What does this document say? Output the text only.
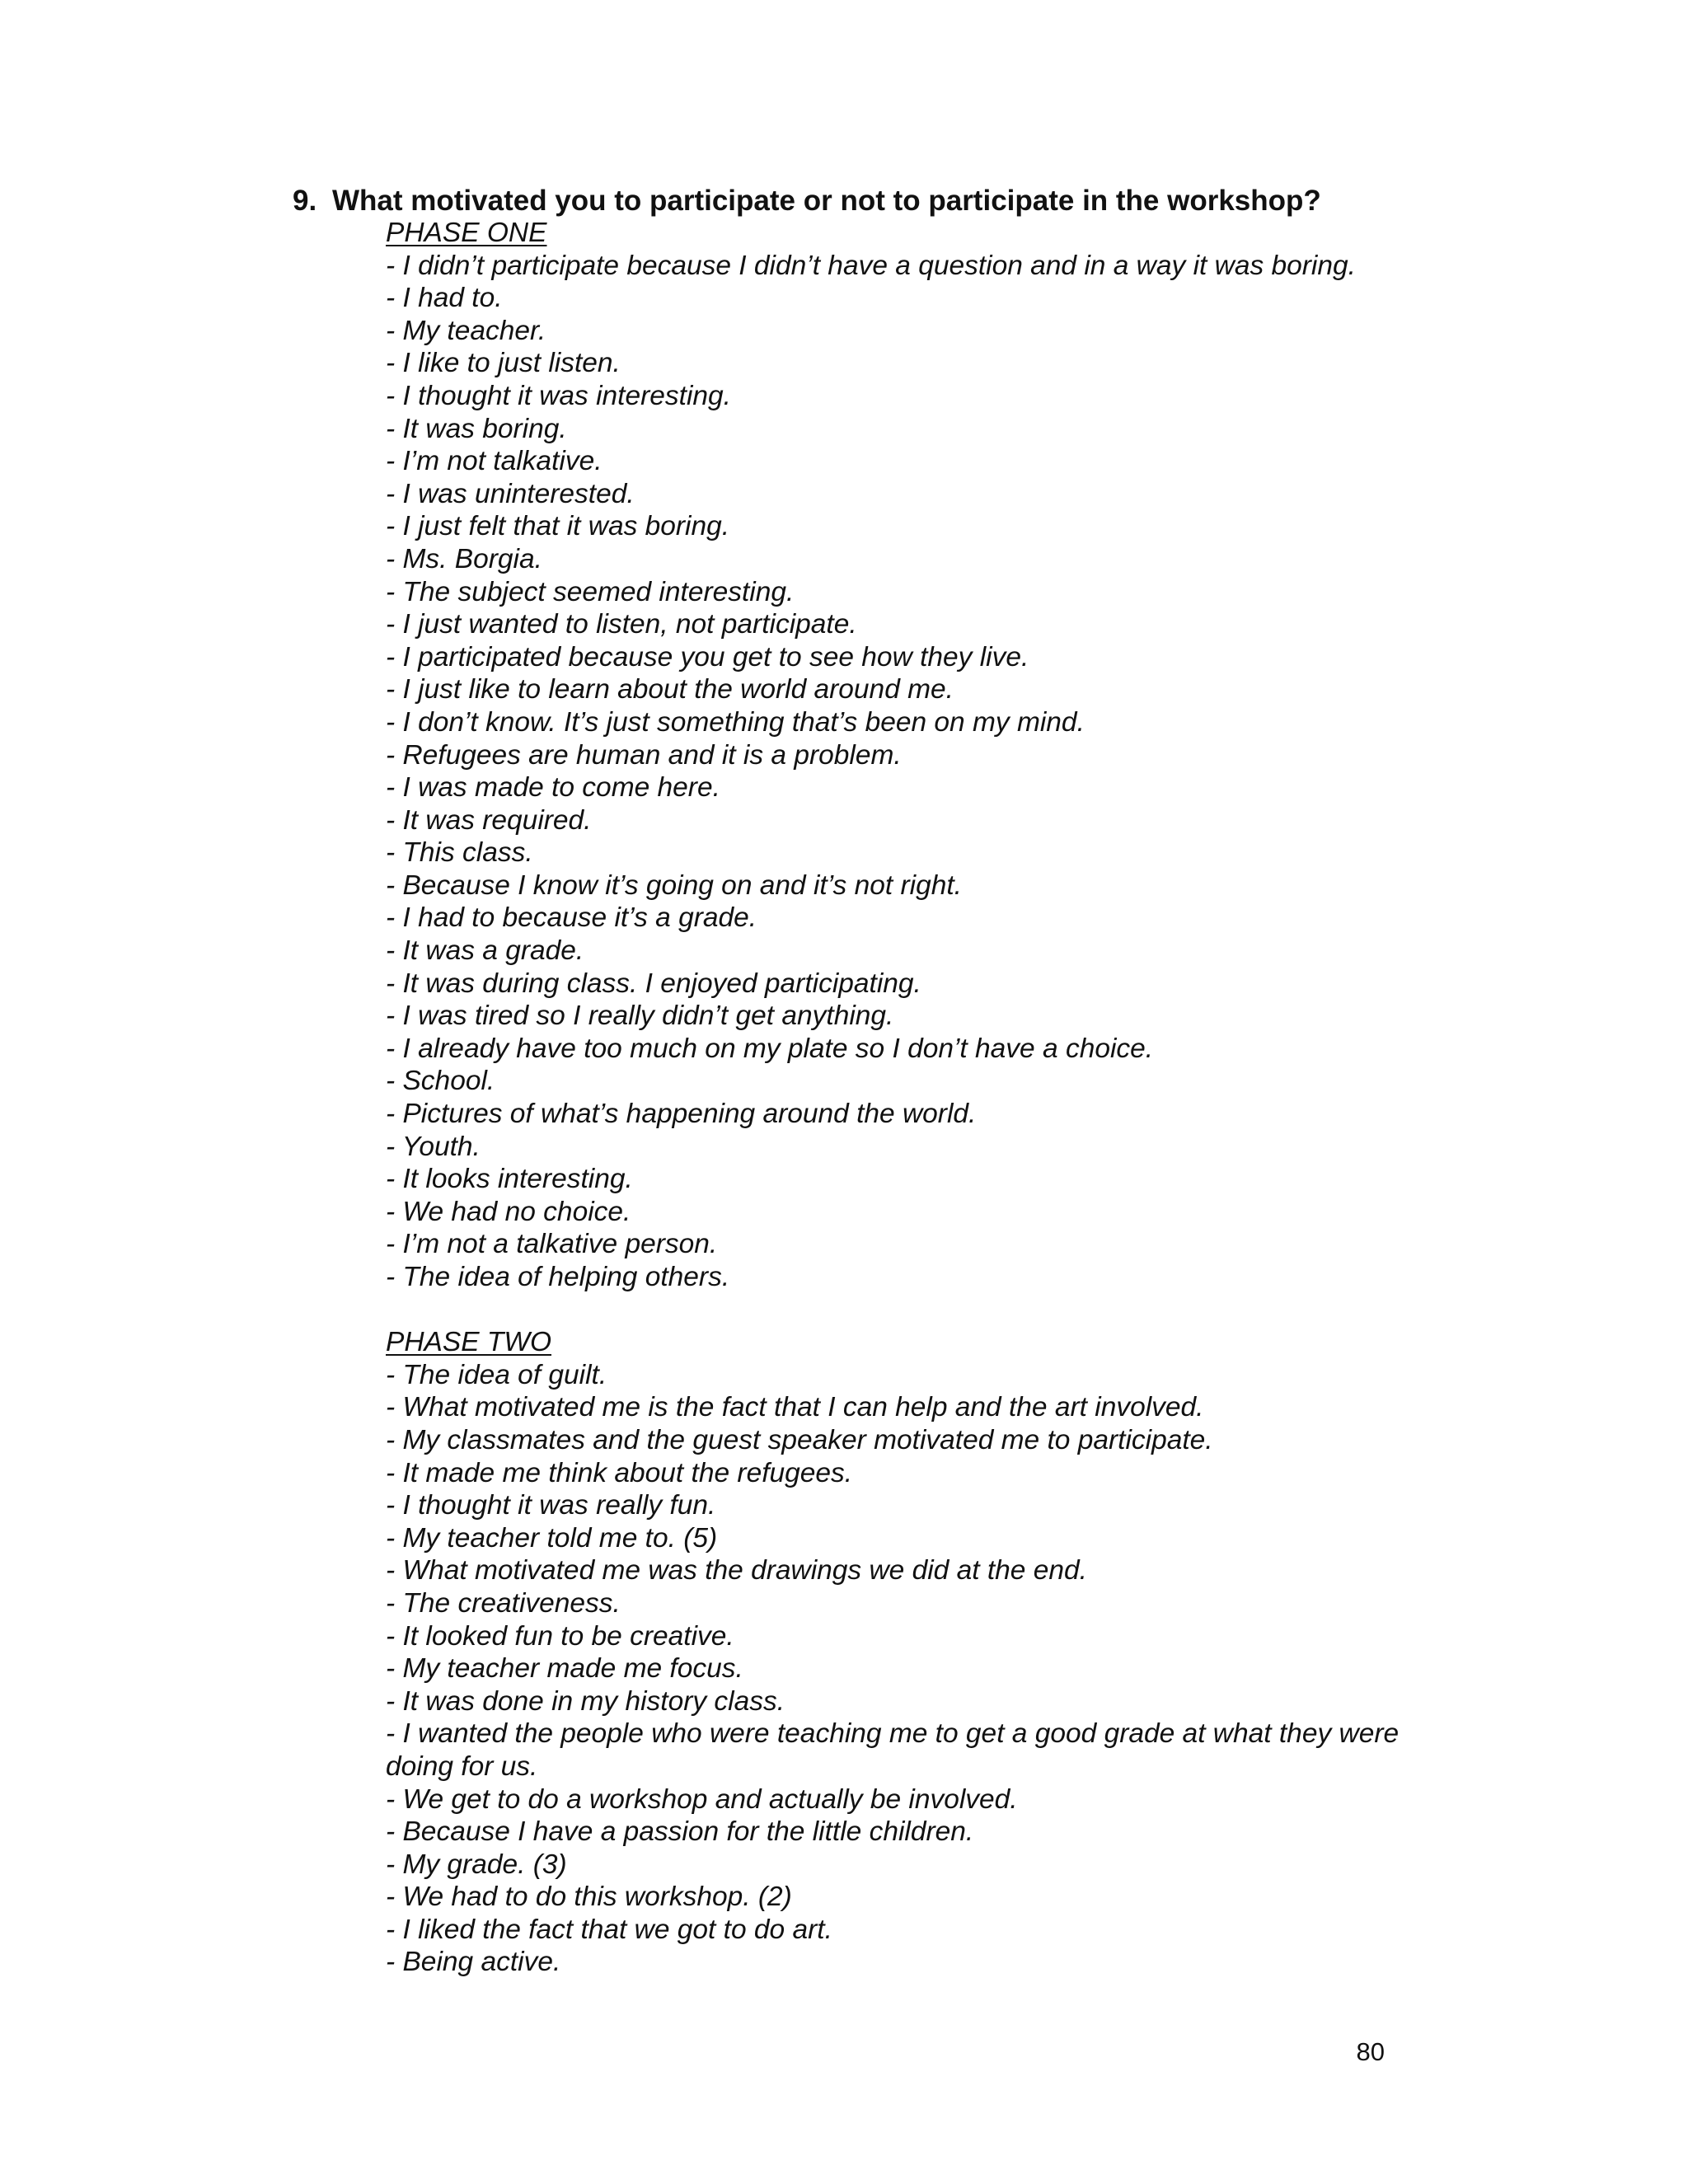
9. What motivated you to participate or not to participate in the workshop?

PHASE ONE

- I didn’t participate because I didn’t have a question and in a way it was boring.
- I had to.
- My teacher.
- I like to just listen.
- I thought it was interesting.
- It was boring.
- I’m not talkative.
- I was uninterested.
- I just felt that it was boring.
- Ms. Borgia.
- The subject seemed interesting.
- I just wanted to listen, not participate.
- I participated because you get to see how they live.
- I just like to learn about the world around me.
- I don’t know. It’s just something that’s been on my mind.
- Refugees are human and it is a problem.
- I was made to come here.
- It was required.
- This class.
- Because I know it’s going on and it’s not right.
- I had to because it’s a grade.
- It was a grade.
- It was during class. I enjoyed participating.
- I was tired so I really didn’t get anything.
- I already have too much on my plate so I don’t have a choice.
- School.
- Pictures of what’s happening around the world.
- Youth.
- It looks interesting.
- We had no choice.
- I’m not a talkative person.
- The idea of helping others.

PHASE TWO

- The idea of guilt.
- What motivated me is the fact that I can help and the art involved.
- My classmates and the guest speaker motivated me to participate.
- It made me think about the refugees.
- I thought it was really fun.
- My teacher told me to. (5)
- What motivated me was the drawings we did at the end.
- The creativeness.
- It looked fun to be creative.
- My teacher made me focus.
- It was done in my history class.
- I wanted the people who were teaching me to get a good grade at what they were doing for us.
- We get to do a workshop and actually be involved.
- Because I have a passion for the little children.
- My grade. (3)
- We had to do this workshop. (2)
- I liked the fact that we got to do art.
- Being active.
80
